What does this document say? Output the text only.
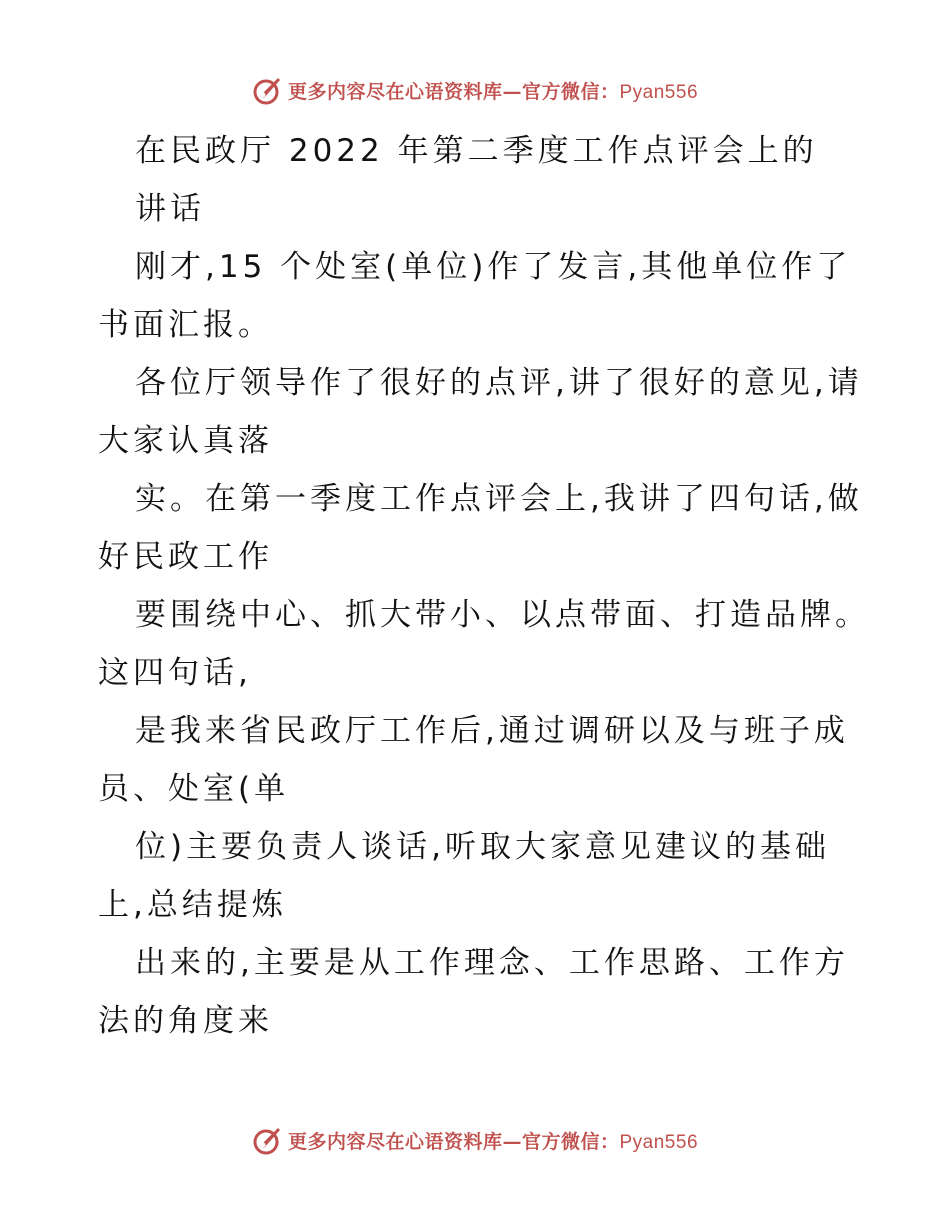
更多内容尽在心语资料库—官方微信：Pyan556
在民政厅 2022 年第二季度工作点评会上的
讲话
刚才,15 个处室(单位)作了发言,其他单位作了
书面汇报。
各位厅领导作了很好的点评,讲了很好的意见,请
大家认真落
实。在第一季度工作点评会上,我讲了四句话,做
好民政工作
要围绕中心、抓大带小、以点带面、打造品牌。
这四句话,
是我来省民政厅工作后,通过调研以及与班子成
员、处室(单
位)主要负责人谈话,听取大家意见建议的基础
上,总结提炼
出来的,主要是从工作理念、工作思路、工作方
法的角度来
更多内容尽在心语资料库—官方微信：Pyan556
